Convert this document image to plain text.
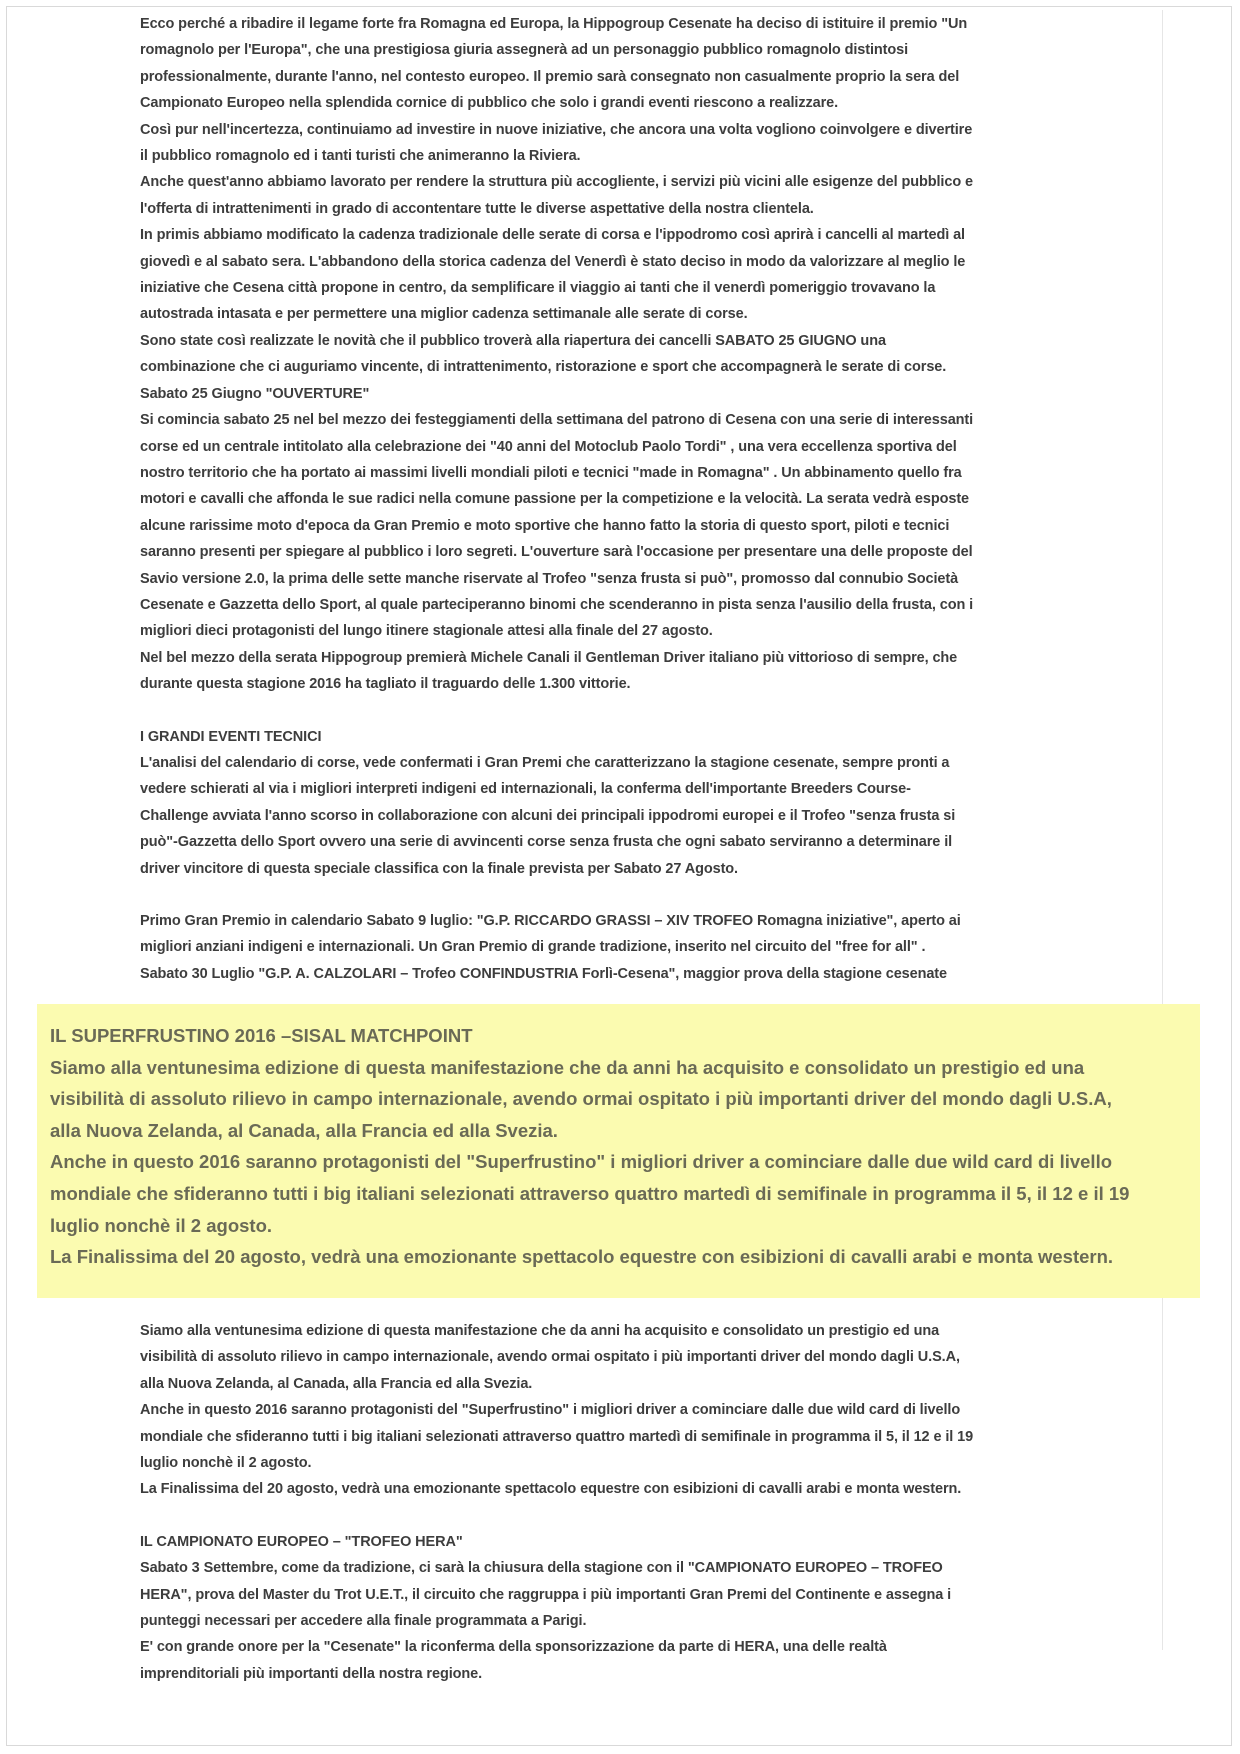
Ecco perché a ribadire il legame forte fra Romagna ed Europa, la Hippogroup Cesenate ha deciso di istituire il premio "Un

romagnolo per l'Europa", che una prestigiosa giuria assegnerà ad un personaggio pubblico romagnolo distintosi

professionalmente, durante l'anno, nel contesto europeo. Il premio sarà consegnato non casualmente proprio la sera del

Campionato Europeo nella splendida cornice di pubblico che solo i grandi eventi riescono a realizzare.

Così pur nell'incertezza, continuiamo ad investire in nuove iniziative, che ancora una volta vogliono coinvolgere e divertire

il pubblico romagnolo ed i tanti turisti che animeranno la Riviera.

Anche quest'anno abbiamo lavorato per rendere la struttura più accogliente, i servizi più vicini alle esigenze del pubblico e

l'offerta di intrattenimenti in grado di accontentare tutte le diverse aspettative della nostra clientela.

In primis abbiamo modificato la cadenza tradizionale delle serate di corsa e l'ippodromo così aprirà i cancelli al martedì al

giovedì e al sabato sera. L'abbandono della storica cadenza del Venerdì è stato deciso in modo da valorizzare al meglio le

iniziative che Cesena città propone in centro, da semplificare il viaggio ai tanti che il venerdì pomeriggio trovavano la

autostrada intasata e per permettere una miglior cadenza settimanale alle serate di corse.

Sono state così realizzate le novità che il pubblico troverà alla riapertura dei cancelli SABATO 25 GIUGNO una

combinazione che ci auguriamo vincente, di intrattenimento, ristorazione e sport che accompagnerà le serate di corse.

Sabato 25 Giugno "OUVERTURE"

Si comincia sabato 25 nel bel mezzo dei festeggiamenti della settimana del patrono di Cesena con una serie di interessanti

corse ed un centrale intitolato alla celebrazione dei "40 anni del Motoclub Paolo Tordi" , una vera eccellenza sportiva del

nostro territorio che ha portato ai massimi livelli mondiali piloti e tecnici "made in Romagna" . Un abbinamento quello fra

motori e cavalli che affonda le sue radici nella comune passione per la competizione e la velocità. La serata vedrà esposte

alcune rarissime moto d'epoca da Gran Premio e moto sportive che hanno fatto la storia di questo sport, piloti e tecnici

saranno presenti per spiegare al pubblico i loro segreti. L'ouverture sarà l'occasione per presentare una delle proposte del

Savio versione 2.0, la prima delle sette manche riservate al Trofeo "senza frusta si può", promosso dal connubio Società

Cesenate e Gazzetta dello Sport, al quale parteciperanno binomi che scenderanno in pista senza l'ausilio della frusta, con i

migliori dieci protagonisti del lungo itinere stagionale attesi alla finale del 27 agosto.

Nel bel mezzo della serata Hippogroup premierà Michele Canali il Gentleman Driver italiano più vittorioso di sempre, che

durante questa stagione 2016 ha tagliato il traguardo delle 1.300 vittorie.

I GRANDI EVENTI TECNICI

L'analisi del calendario di corse, vede confermati i Gran Premi che caratterizzano la stagione cesenate, sempre pronti a

vedere schierati al via i migliori interpreti indigeni ed internazionali, la conferma dell'importante Breeders Course-

Challenge avviata l'anno scorso in collaborazione con alcuni dei principali ippodromi europei e il Trofeo "senza frusta si

può"-Gazzetta dello Sport ovvero una serie di avvincenti corse senza frusta che ogni sabato serviranno a determinare il

driver vincitore di questa speciale classifica con la finale prevista per Sabato 27 Agosto.

Primo Gran Premio in calendario Sabato 9 luglio: "G.P. RICCARDO GRASSI – XIV TROFEO Romagna iniziative", aperto ai

migliori anziani indigeni e internazionali. Un Gran Premio di grande tradizione, inserito nel circuito del "free for all" .

Sabato 30 Luglio "G.P. A. CALZOLARI – Trofeo CONFINDUSTRIA Forlì-Cesena", maggior prova della stagione cesenate

IL SUPERFRUSTINO 2016 –SISAL MATCHPOINT

Siamo alla ventunesima edizione di questa manifestazione che da anni ha acquisito e consolidato un prestigio ed una

visibilità di assoluto rilievo in campo internazionale, avendo ormai ospitato i più importanti driver del mondo dagli U.S.A,

alla Nuova Zelanda, al Canada, alla Francia ed alla Svezia.

Anche in questo 2016 saranno protagonisti del "Superfrustino" i migliori driver a cominciare dalle due wild card di livello

mondiale che sfideranno tutti i big italiani selezionati attraverso quattro martedì di semifinale in programma il 5, il 12 e il 19

luglio nonchè il 2 agosto.

La Finalissima del 20 agosto, vedrà una emozionante spettacolo equestre con esibizioni di cavalli arabi e monta western.

Siamo alla ventunesima edizione di questa manifestazione che da anni ha acquisito e consolidato un prestigio ed una

visibilità di assoluto rilievo in campo internazionale, avendo ormai ospitato i più importanti driver del mondo dagli U.S.A,

alla Nuova Zelanda, al Canada, alla Francia ed alla Svezia.

Anche in questo 2016 saranno protagonisti del "Superfrustino" i migliori driver a cominciare dalle due wild card di livello

mondiale che sfideranno tutti i big italiani selezionati attraverso quattro martedì di semifinale in programma il 5, il 12 e il 19

luglio nonchè il 2 agosto.

La Finalissima del 20 agosto, vedrà una emozionante spettacolo equestre con esibizioni di cavalli arabi e monta western.

IL CAMPIONATO EUROPEO – "TROFEO HERA"

Sabato 3 Settembre, come da tradizione, ci sarà la chiusura della stagione con il "CAMPIONATO EUROPEO – TROFEO

HERA", prova del Master du Trot U.E.T., il circuito che raggruppa i più importanti Gran Premi del Continente e assegna i

punteggi necessari per accedere alla finale programmata a Parigi.

E' con grande onore per la "Cesenate" la riconferma della sponsorizzazione da parte di HERA, una delle realtà

imprenditoriali più importanti della nostra regione.
